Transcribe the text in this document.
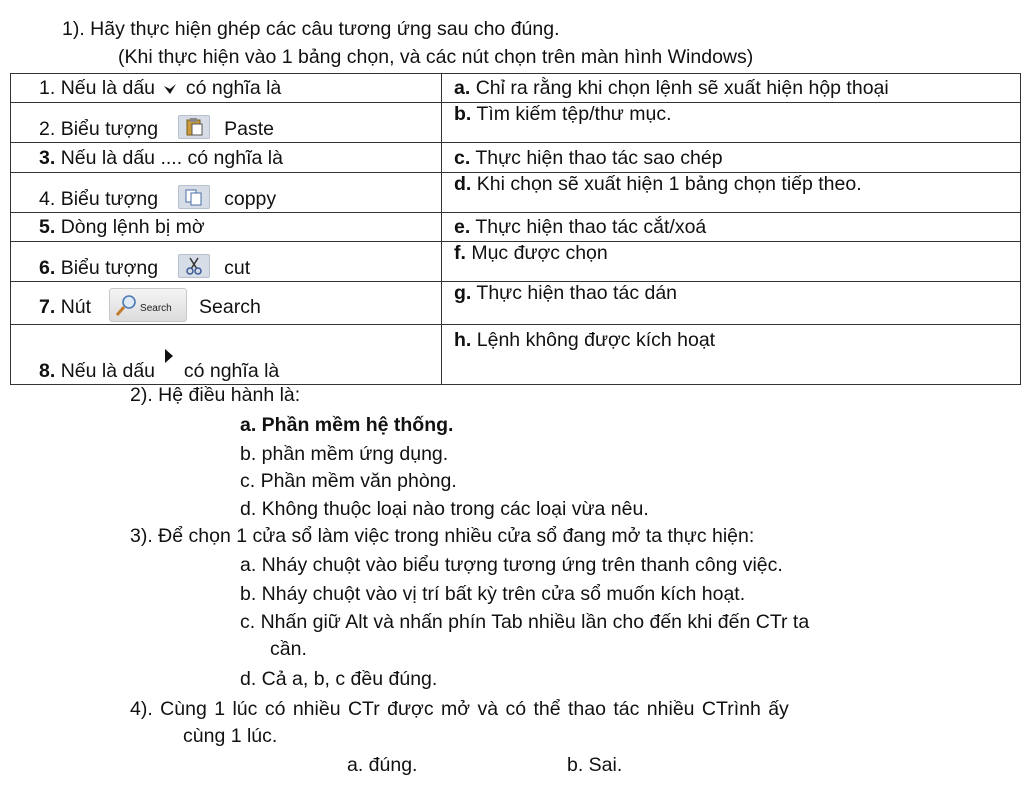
1). Hãy thực hiện ghép các câu tương ứng sau cho đúng.
(Khi thực hiện vào 1 bảng chọn, và các nút chọn trên màn hình Windows)
1. Nếu là dấu có nghĩa là	a. Chỉ ra rằng khi chọn lệnh sẽ xuất hiện hộp thoại
2. Biểu tượng Paste	b. Tìm kiếm tệp/thư mục.
3. Nếu là dấu .... có nghĩa là	c. Thực hiện thao tác sao chép
4. Biểu tượng coppy	d. Khi chọn sẽ xuất hiện 1 bảng chọn tiếp theo.
5. Dòng lệnh bị mờ	e. Thực hiện thao tác cắt/xoá
6. Biểu tượng cut	f. Mục được chọn
7. Nút Search Search	g. Thực hiện thao tác dán
8. Nếu là dấu có nghĩa là	h. Lệnh không được kích hoạt
2). Hệ điều hành là:
a. Phần mềm hệ thống.
b. phần mềm ứng dụng.
c. Phần mềm văn phòng.
d. Không thuộc loại nào trong các loại vừa nêu.
3). Để chọn 1 cửa sổ làm việc trong nhiều cửa sổ đang mở ta thực hiện:
a. Nháy chuột vào biểu tượng tương ứng trên thanh công việc.
b. Nháy chuột vào vị trí bất kỳ trên cửa sổ muốn kích hoạt.
c. Nhấn giữ Alt và nhấn phín Tab nhiều lần cho đến khi đến CTr ta
cần.
d. Cả a, b, c đều đúng.
4). Cùng 1 lúc có nhiều CTr được mở và có thể thao tác nhiều CTrình ấy
cùng 1 lúc.
a. đúng.	b. Sai.
